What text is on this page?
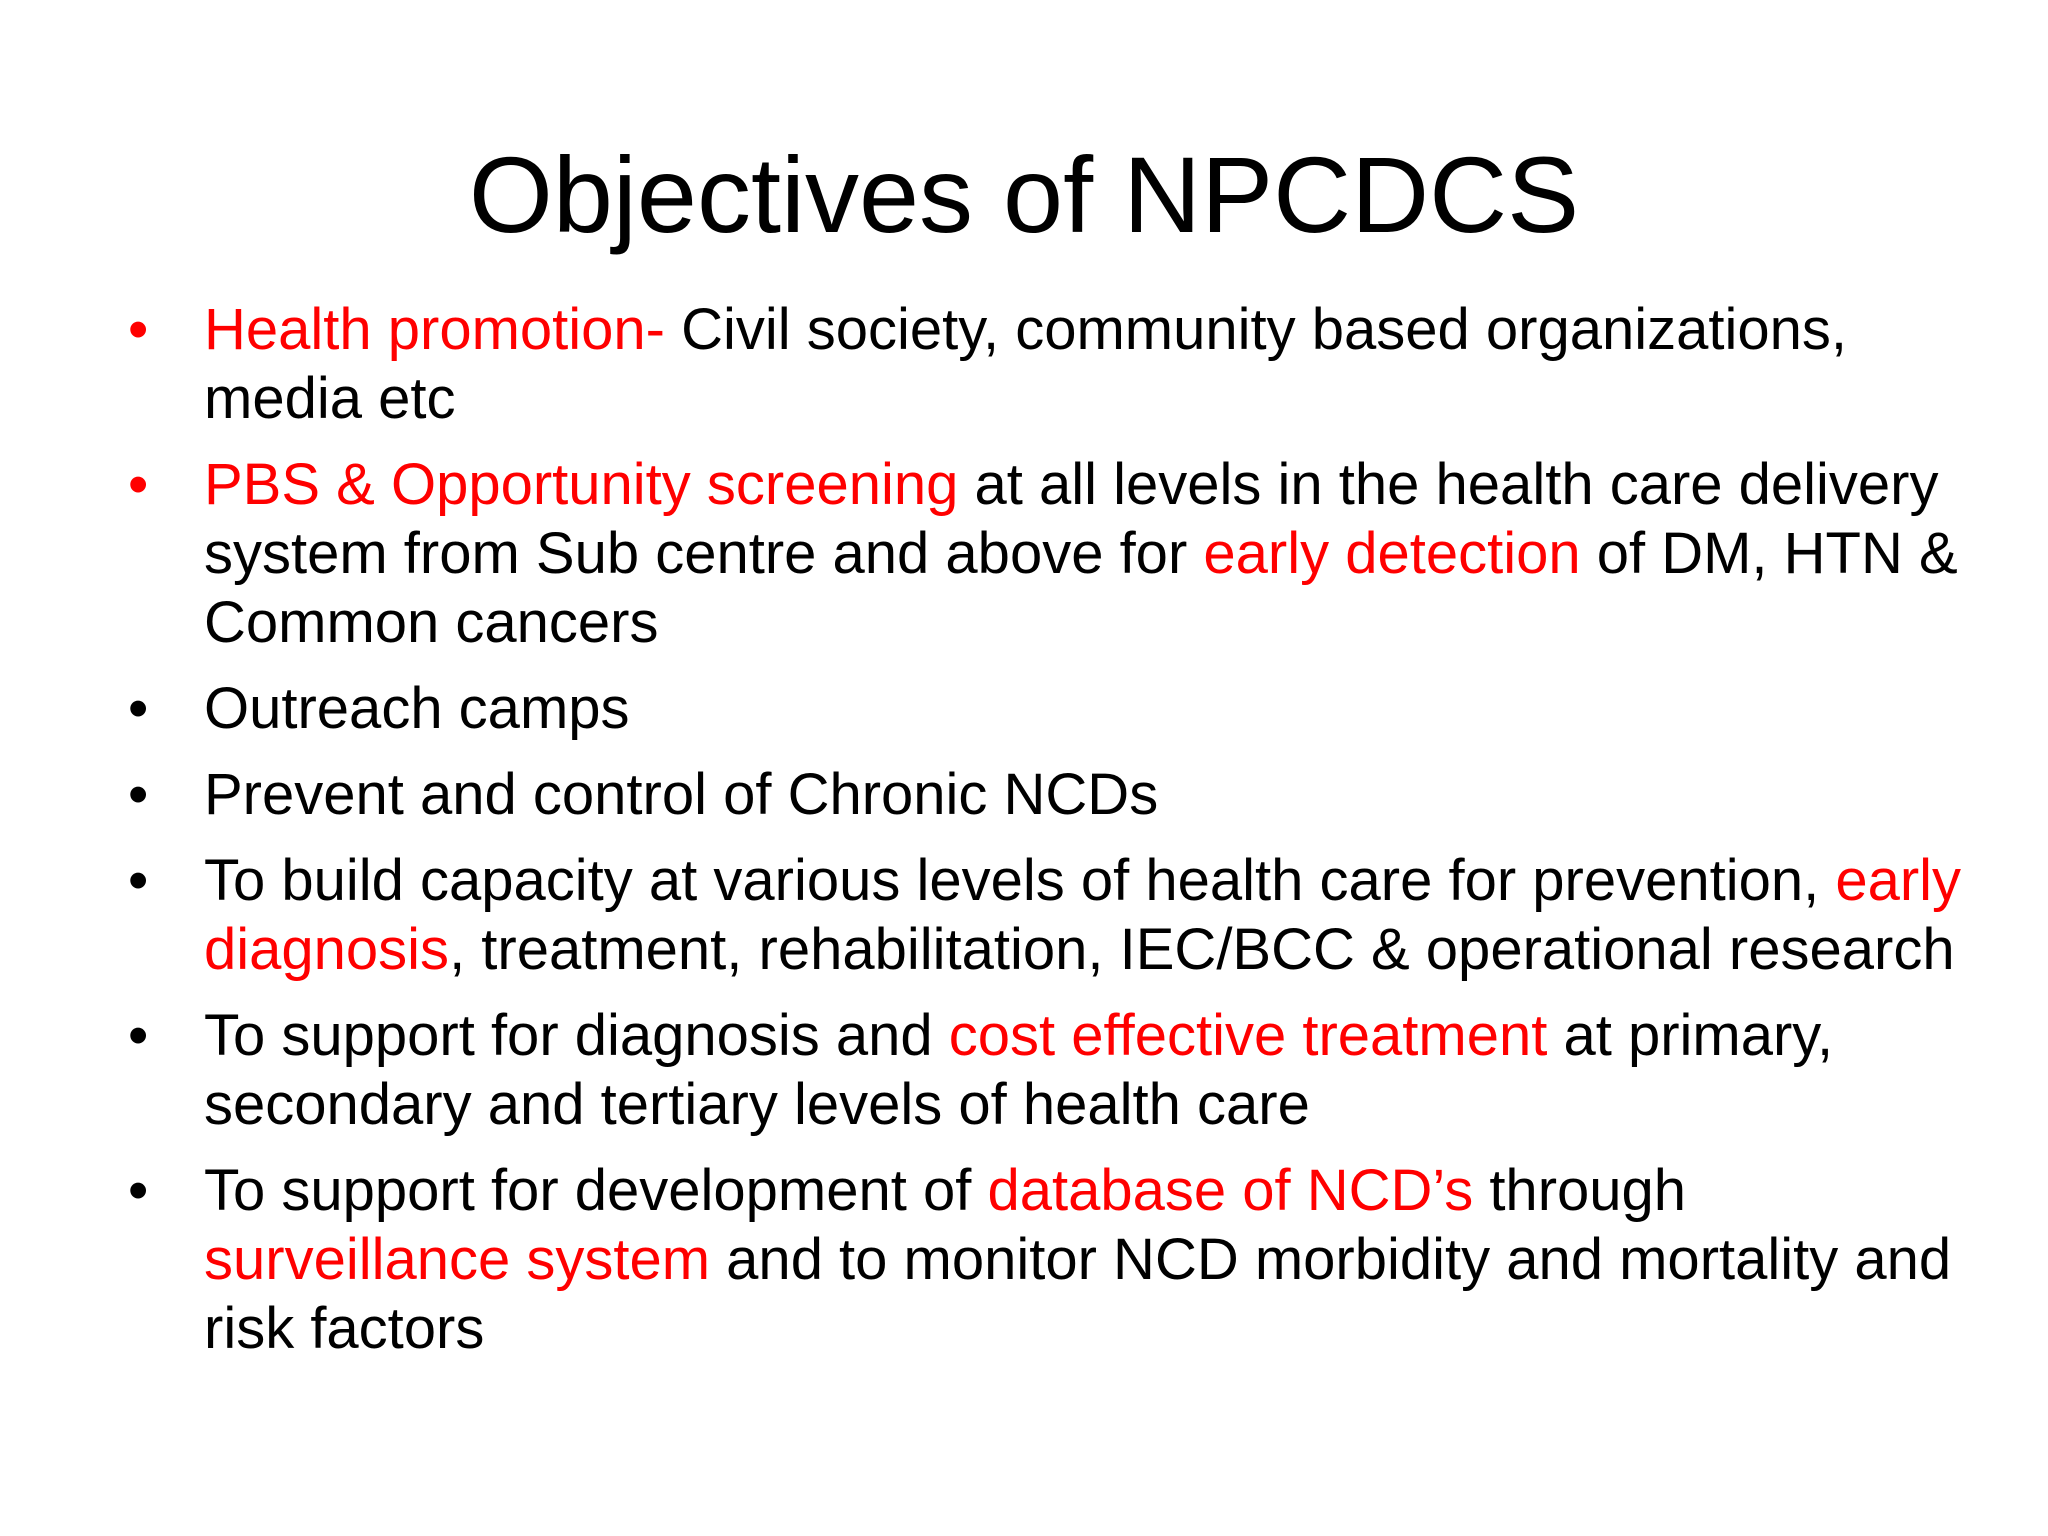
Objectives of NPCDCS
• Health promotion- Civil society, community based organizations, media etc
• PBS & Opportunity screening at all levels in the health care delivery system from Sub centre and above for early detection of DM, HTN & Common cancers
• Outreach camps
• Prevent and control of Chronic NCDs
• To build capacity at various levels of health care for prevention, early diagnosis, treatment, rehabilitation, IEC/BCC & operational research
• To support for diagnosis and cost effective treatment at primary, secondary and tertiary levels of health care
• To support for development of database of NCD’s through surveillance system and to monitor NCD morbidity and mortality and risk factors
